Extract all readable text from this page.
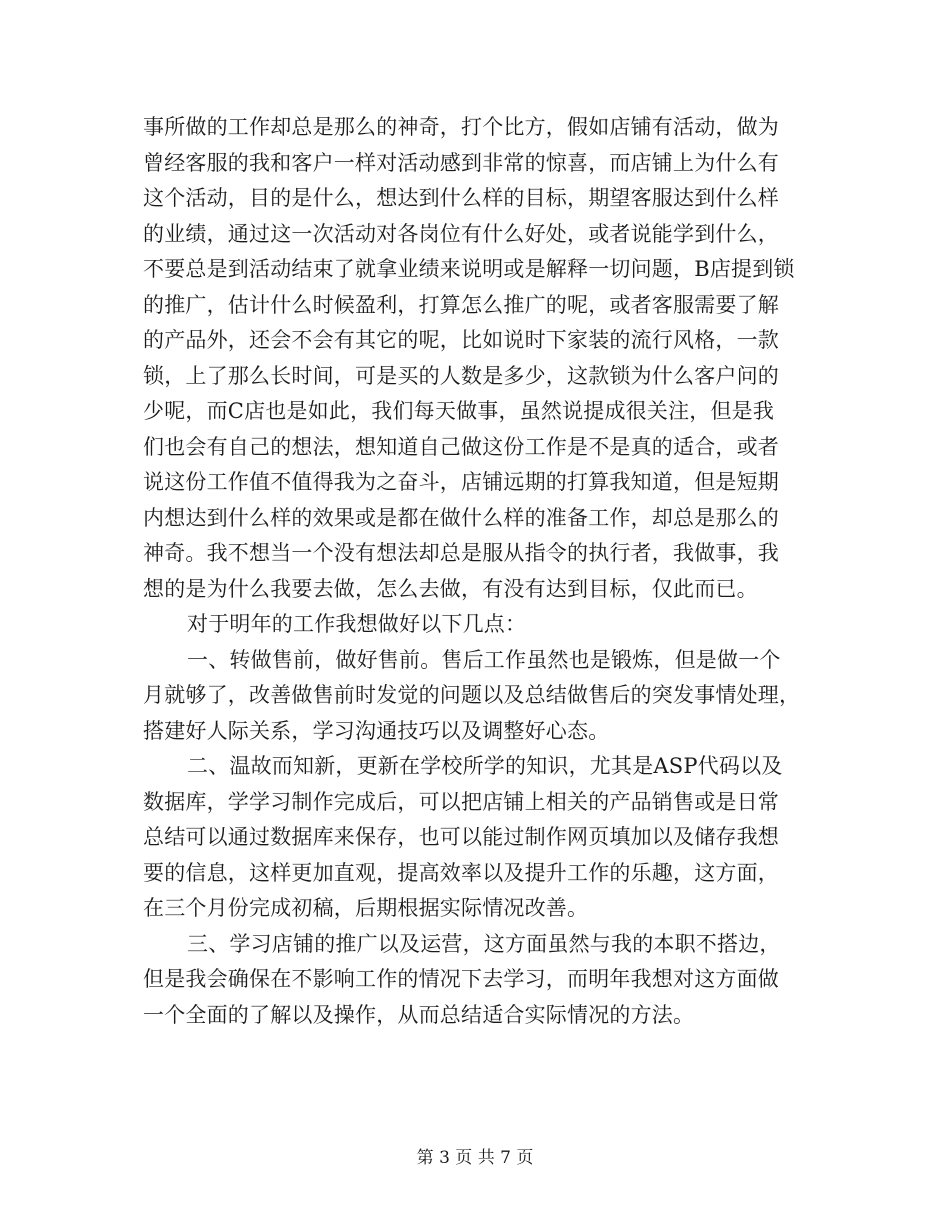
事所做的工作却总是那么的神奇，打个比方，假如店铺有活动，做为
曾经客服的我和客户一样对活动感到非常的惊喜，而店铺上为什么有
这个活动，目的是什么，想达到什么样的目标，期望客服达到什么样
的业绩，通过这一次活动对各岗位有什么好处，或者说能学到什么，
不要总是到活动结束了就拿业绩来说明或是解释一切问题，B店提到锁
的推广，估计什么时候盈利，打算怎么推广的呢，或者客服需要了解
的产品外，还会不会有其它的呢，比如说时下家装的流行风格，一款
锁，上了那么长时间，可是买的人数是多少，这款锁为什么客户问的
少呢，而C店也是如此，我们每天做事，虽然说提成很关注，但是我
们也会有自己的想法，想知道自己做这份工作是不是真的适合，或者
说这份工作值不值得我为之奋斗，店铺远期的打算我知道，但是短期
内想达到什么样的效果或是都在做什么样的准备工作，却总是那么的
神奇。我不想当一个没有想法却总是服从指令的执行者，我做事，我
想的是为什么我要去做，怎么去做，有没有达到目标，仅此而已。
对于明年的工作我想做好以下几点：
一、转做售前，做好售前。售后工作虽然也是锻炼，但是做一个
月就够了，改善做售前时发觉的问题以及总结做售后的突发事情处理，
搭建好人际关系，学习沟通技巧以及调整好心态。
二、温故而知新，更新在学校所学的知识，尤其是ASP代码以及
数据库，学学习制作完成后，可以把店铺上相关的产品销售或是日常
总结可以通过数据库来保存，也可以能过制作网页填加以及储存我想
要的信息，这样更加直观，提高效率以及提升工作的乐趣，这方面，
在三个月份完成初稿，后期根据实际情况改善。
三、学习店铺的推广以及运营，这方面虽然与我的本职不搭边，
但是我会确保在不影响工作的情况下去学习，而明年我想对这方面做
一个全面的了解以及操作，从而总结适合实际情况的方法。
第 3 页 共 7 页
